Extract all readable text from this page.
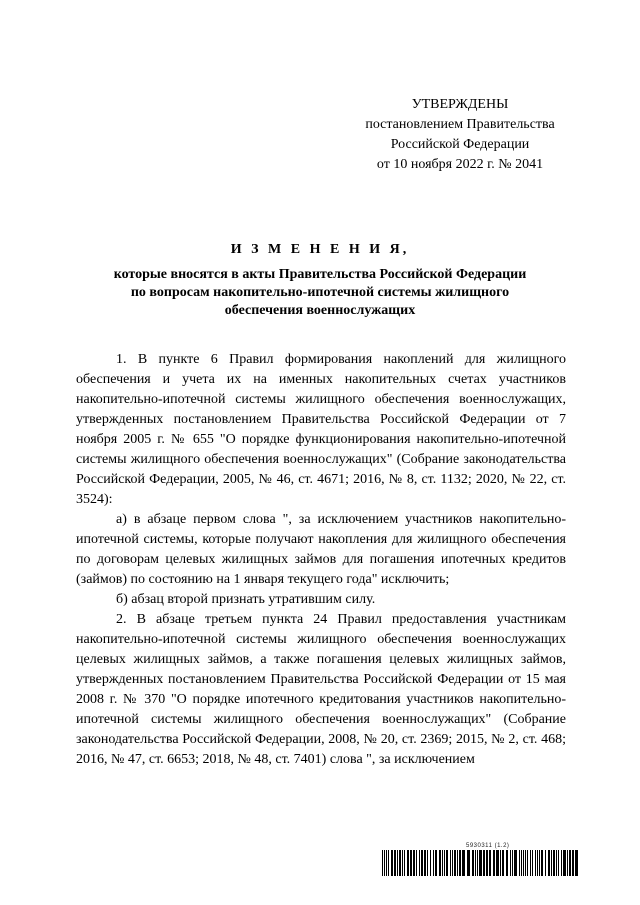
УТВЕРЖДЕНЫ
постановлением Правительства
Российской Федерации
от 10 ноября 2022 г. № 2041
И З М Е Н Е Н И Я,
которые вносятся в акты Правительства Российской Федерации
по вопросам накопительно-ипотечной системы жилищного
обеспечения военнослужащих

1. В пункте 6 Правил формирования накоплений для жилищного обеспечения и учета их на именных накопительных счетах участников накопительно-ипотечной системы жилищного обеспечения военнослужащих, утвержденных постановлением Правительства Российской Федерации от 7 ноября 2005 г. № 655 "О порядке функционирования накопительно-ипотечной системы жилищного обеспечения военнослужащих" (Собрание законодательства Российской Федерации, 2005, № 46, ст. 4671; 2016, № 8, ст. 1132; 2020, № 22, ст. 3524):

а) в абзаце первом слова ", за исключением участников накопительно-ипотечной системы, которые получают накопления для жилищного обеспечения по договорам целевых жилищных займов для погашения ипотечных кредитов (займов) по состоянию на 1 января текущего года" исключить;

б) абзац второй признать утратившим силу.

2. В абзаце третьем пункта 24 Правил предоставления участникам накопительно-ипотечной системы жилищного обеспечения военнослужащих целевых жилищных займов, а также погашения целевых жилищных займов, утвержденных постановлением Правительства Российской Федерации от 15 мая 2008 г. № 370 "О порядке ипотечного кредитования участников накопительно-ипотечной системы жилищного обеспечения военнослужащих" (Собрание законодательства Российской Федерации, 2008, № 20, ст. 2369; 2015, № 2, ст. 468; 2016, № 47, ст. 6653; 2018, № 48, ст. 7401) слова ", за исключением

5930311 (1.2)
